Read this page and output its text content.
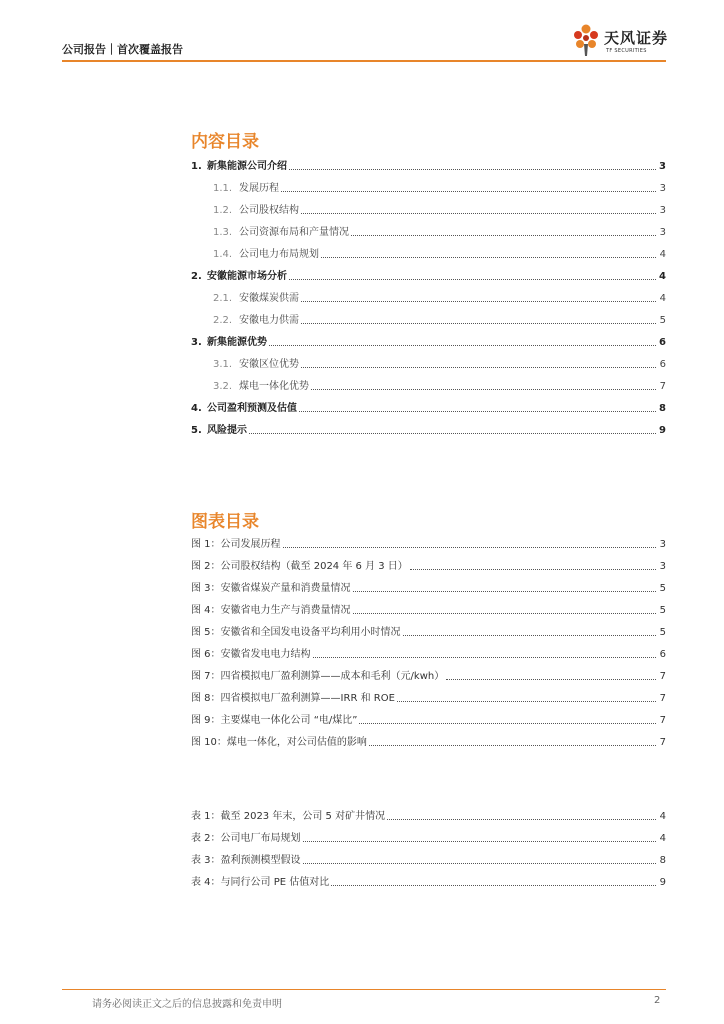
公司报告｜首次覆盖报告
天风证券
TF SECURITIES
内容目录
1. 新集能源公司介绍	3
1.1. 发展历程	3
1.2. 公司股权结构	3
1.3. 公司资源布局和产量情况	3
1.4. 公司电力布局规划	4
2. 安徽能源市场分析	4
2.1. 安徽煤炭供需	4
2.2. 安徽电力供需	5
3. 新集能源优势	6
3.1. 安徽区位优势	6
3.2. 煤电一体化优势	7
4. 公司盈利预测及估值	8
5. 风险提示	9
图表目录
图 1：公司发展历程	3
图 2：公司股权结构（截至 2024 年 6 月 3 日）	3
图 3：安徽省煤炭产量和消费量情况	5
图 4：安徽省电力生产与消费量情况	5
图 5：安徽省和全国发电设备平均利用小时情况	5
图 6：安徽省发电电力结构	6
图 7：四省模拟电厂盈利测算——成本和毛利（元/kwh）	7
图 8：四省模拟电厂盈利测算——IRR 和 ROE	7
图 9：主要煤电一体化公司 “电/煤比”	7
图 10：煤电一体化，对公司估值的影响	7
表 1：截至 2023 年末，公司 5 对矿井情况	4
表 2：公司电厂布局规划	4
表 3：盈利预测模型假设	8
表 4：与同行公司 PE 估值对比	9
请务必阅读正文之后的信息披露和免责申明	2
